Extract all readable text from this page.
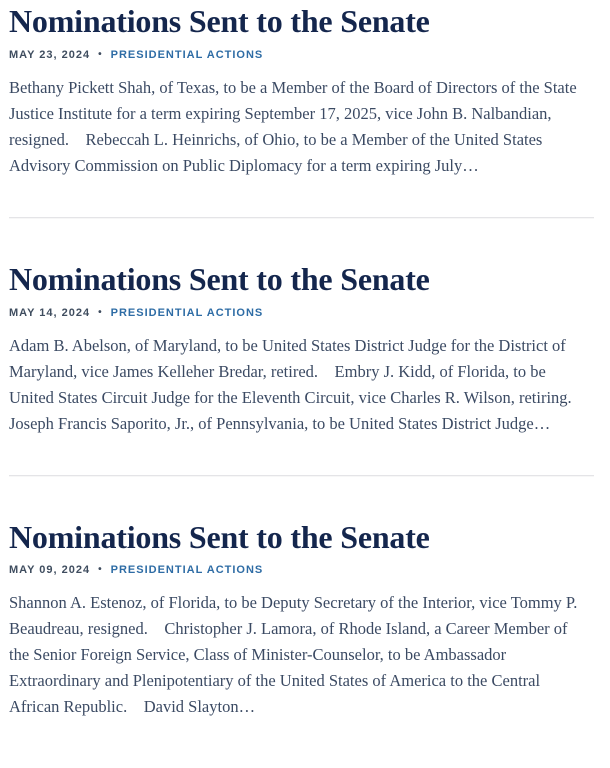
Nominations Sent to the Senate
MAY 23, 2024 • PRESIDENTIAL ACTIONS

Bethany Pickett Shah, of Texas, to be a Member of the Board of Directors of the State Justice Institute for a term expiring September 17, 2025, vice John B. Nalbandian, resigned.    Rebeccah L. Heinrichs, of Ohio, to be a Member of the United States Advisory Commission on Public Diplomacy for a term expiring July…

Nominations Sent to the Senate
MAY 14, 2024 • PRESIDENTIAL ACTIONS

Adam B. Abelson, of Maryland, to be United States District Judge for the District of Maryland, vice James Kelleher Bredar, retired.    Embry J. Kidd, of Florida, to be United States Circuit Judge for the Eleventh Circuit, vice Charles R. Wilson, retiring.    Joseph Francis Saporito, Jr., of Pennsylvania, to be United States District Judge…

Nominations Sent to the Senate
MAY 09, 2024 • PRESIDENTIAL ACTIONS

Shannon A. Estenoz, of Florida, to be Deputy Secretary of the Interior, vice Tommy P. Beaudreau, resigned.    Christopher J. Lamora, of Rhode Island, a Career Member of the Senior Foreign Service, Class of Minister-Counselor, to be Ambassador Extraordinary and Plenipotentiary of the United States of America to the Central African Republic.    David Slayton…
